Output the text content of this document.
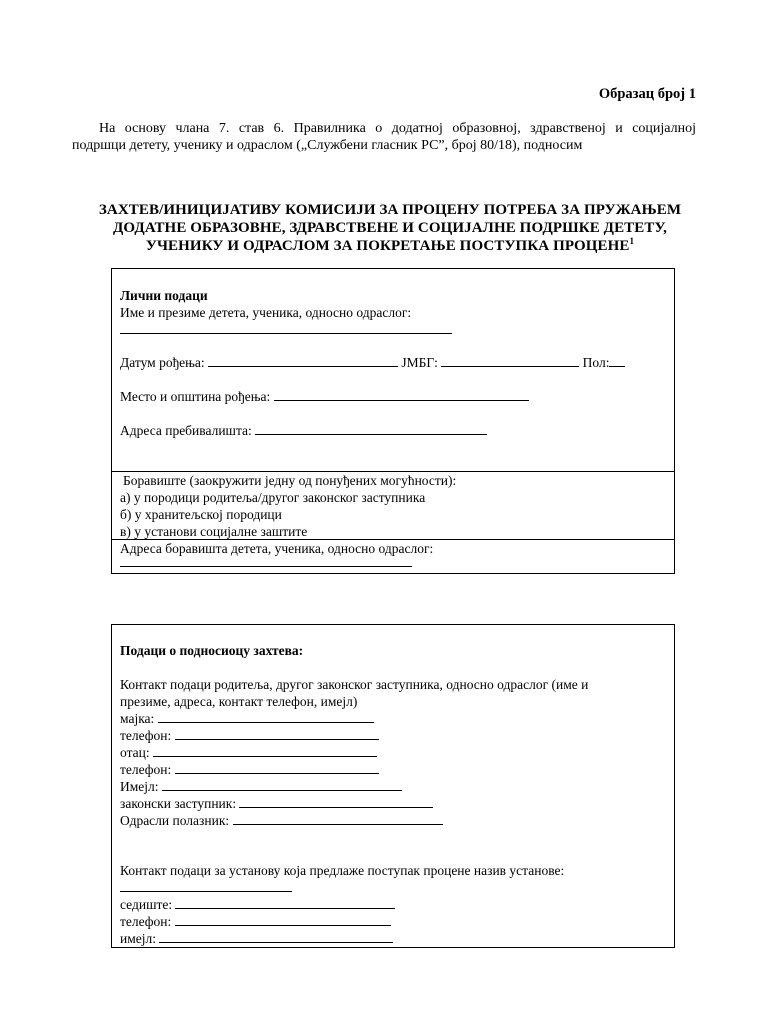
Образац број 1
На основу члана 7. став 6. Правилника о додатној образовној, здравственој и социјалној
подршци детету, ученику и одраслом („Службени гласник РС”, број 80/18), подносим
ЗАХТЕВ/ИНИЦИЈАТИВУ КОМИСИЈИ ЗА ПРОЦЕНУ ПОТРЕБА ЗА ПРУЖАЊЕМ
ДОДАТНЕ ОБРАЗОВНЕ, ЗДРАВСТВЕНЕ И СОЦИЈАЛНЕ ПОДРШКЕ ДЕТЕТУ,
УЧЕНИКУ И ОДРАСЛОМ ЗА ПОКРЕТАЊЕ ПОСТУПКА ПРОЦЕНЕ$^1$
Лични подаци
Име и презиме детета, ученика, односно одраслог:
Датум рођења:	ЈМБГ:	Пол:
Место и општина рођења:
Адреса пребивалишта:
Боравиште (заокружити једну од понуђених могућности):
а) у породици родитеља/другог законског заступника
б) у хранитељској породици
в) у установи социјалне заштите
Адреса боравишта детета, ученика, односно одраслог:
Подаци о подносиоцу захтева:
Контакт подаци родитеља, другог законског заступника, односно одраслог (име и
презиме, адреса, контакт телефон, имејл)
мајка:
телефон:
отац:
телефон:
Имејл:
законски заступник:
Одрасли полазник:
Контакт подаци за установу која предлаже поступак процене назив установе:
седиште:
телефон:
имејл:
